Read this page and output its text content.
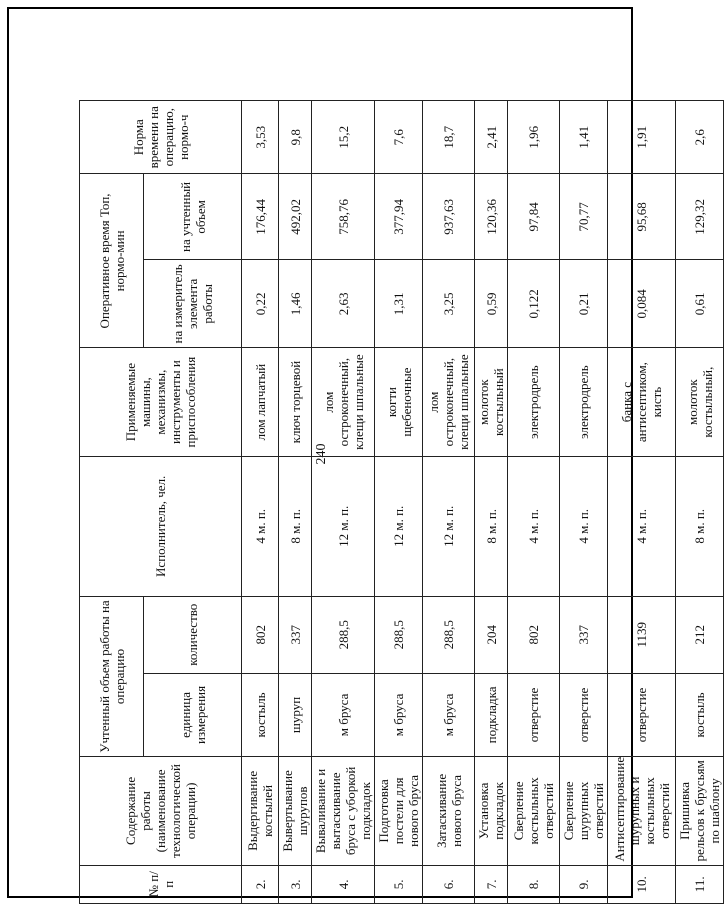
240
№ п/п	Содержание работы (наименование технологической операции)	Учтенный объем работы на операцию		Исполнитель, чел.	Применяемые машины, механизмы, инструменты и приспособления	Оперативное время Топ, нормо-мин		Норма времени на операцию, нормо-ч
		единица измерения	количество			на измеритель элемента работы	на учтенный объем	
2.	Выдергивание костылей	костыль	802	4 м. п.	лом лапчатый	0,22	176,44	3,53
3.	Вывертывание шурупов	шуруп	337	8 м. п.	ключ торцевой	1,46	492,02	9,8
4.	Вываливание и вытаскивание бруса с уборкой подкладок	м бруса	288,5	12 м. п.	лом остроконечный, клещи шпальные	2,63	758,76	15,2
5.	Подготовка постели для нового бруса	м бруса	288,5	12 м. п.	когти щебеночные	1,31	377,94	7,6
6.	Затаскивание нового бруса	м бруса	288,5	12 м. п.	лом остроконечный, клещи шпальные	3,25	937,63	18,7
7.	Установка подкладок	подкладка	204	8 м. п.	молоток костыльный	0,59	120,36	2,41
8.	Сверление костыльных отверстий	отверстие	802	4 м. п.	электродрель	0,122	97,84	1,96
9.	Сверление шурупных отверстий	отверстие	337	4 м. п.	электродрель	0,21	70,77	1,41
10.	Антисептирование шурупных и костыльных отверстий	отверстие	1139	4 м. п.	банка с антисептиком, кисть	0,084	95,68	1,91
11.	Пришивка рельсов к брусьям по шаблону	костыль	212	8 м. п.	молоток костыльный,	0,61	129,32	2,6
